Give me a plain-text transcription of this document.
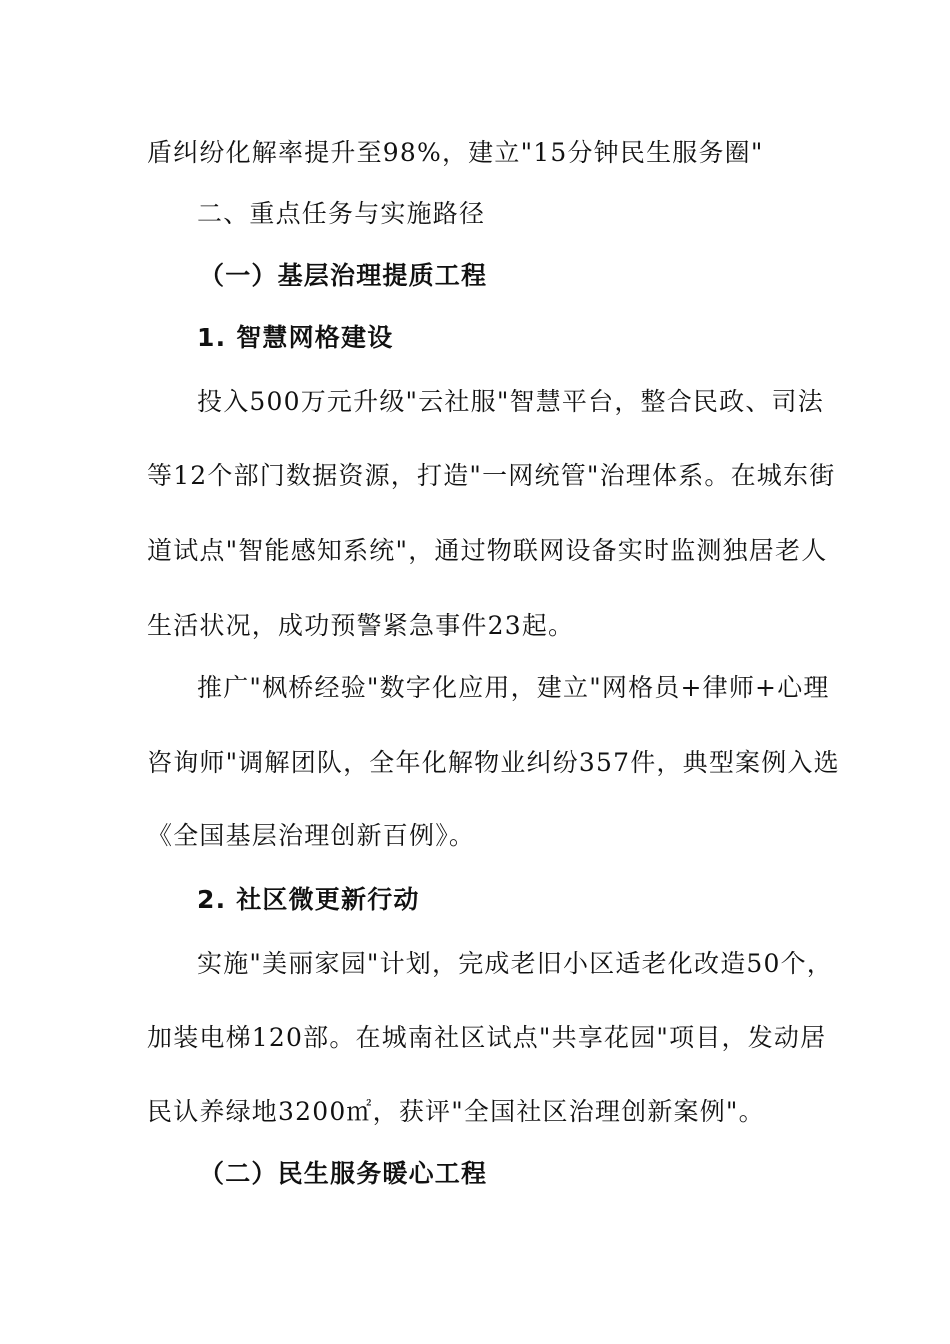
盾纠纷化解率提升至98%，建立"15分钟民生服务圈"
二、重点任务与实施路径
（一）基层治理提质工程
1. 智慧网格建设
投入500万元升级"云社服"智慧平台，整合民政、司法
等12个部门数据资源，打造"一网统管"治理体系。在城东街
道试点"智能感知系统"，通过物联网设备实时监测独居老人
生活状况，成功预警紧急事件23起。
推广"枫桥经验"数字化应用，建立"网格员+律师+心理
咨询师"调解团队，全年化解物业纠纷357件，典型案例入选
《全国基层治理创新百例》。
2. 社区微更新行动
实施"美丽家园"计划，完成老旧小区适老化改造50个，
加装电梯120部。在城南社区试点"共享花园"项目，发动居
民认养绿地3200㎡，获评"全国社区治理创新案例"。
（二）民生服务暖心工程
